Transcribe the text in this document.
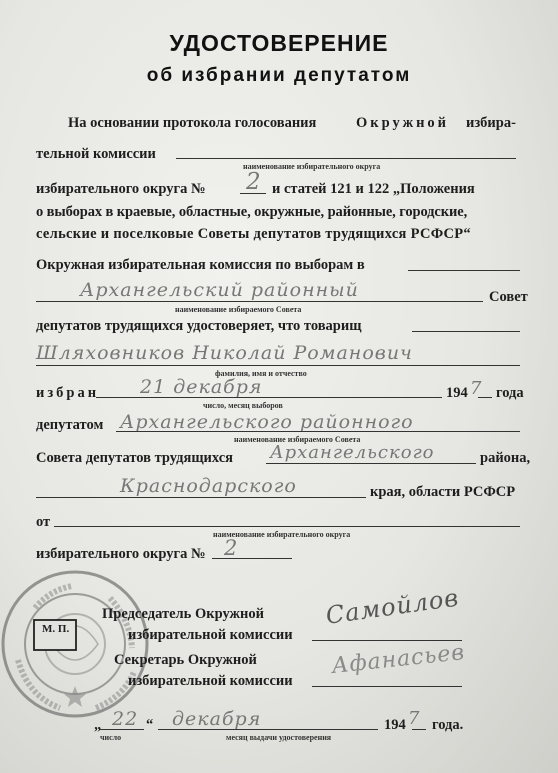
УДОСТОВЕРЕНИЕ
об избрании депутатом
На основании протокола голосования	Окружной избира-
тельной комиссии
наименование избирательного округа
избирательного округа № 2 и статей 121 и 122 „Положения
о выборах в краевые, областные, окружные, районные, городские,
сельские и поселковые Советы депутатов трудящихся РСФСР“
Окружная избирательная комиссия по выборам в
Архангельский районный	Совет
наименование избираемого Совета
депутатов трудящихся удостоверяет, что товарищ
Шляховников Николай Романович
фамилия, имя и отчество
избран 21 декабря	194 7 года
число, месяц выборов
депутатом Архангельского районного
наименование избираемого Совета
Совета депутатов трудящихся Архангельского	района,
Краснодарского	края, области РСФСР
от
наименование избирательного округа
избирательного округа № 2
М. П.
Председатель Окружной
избирательной комиссии
Самойлов
Секретарь Окружной
избирательной комиссии
Афанасьев
„ 22 “ декабря	194 7 года.
число	месяц выдачи удостоверения
